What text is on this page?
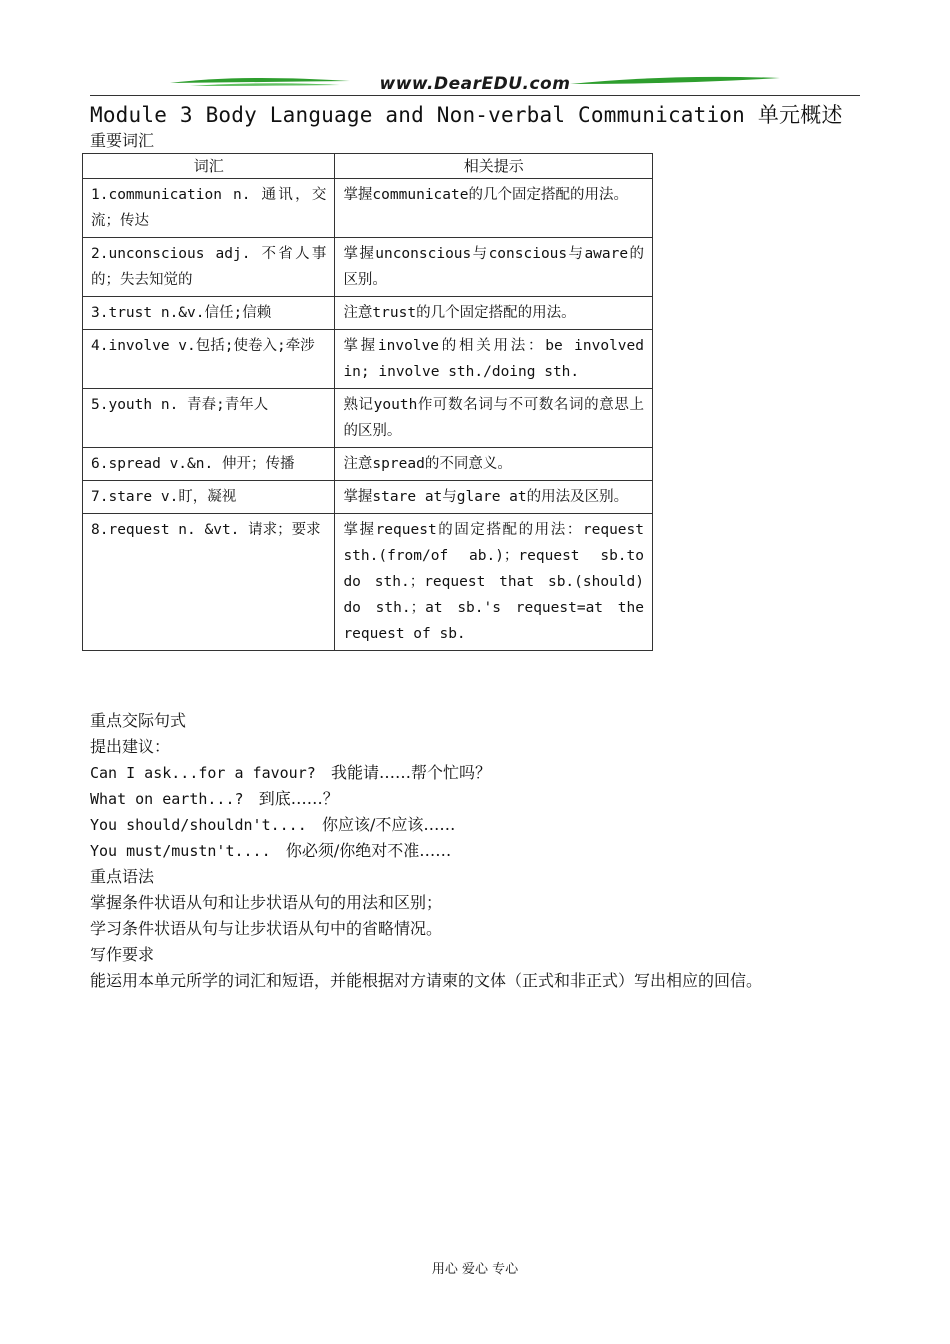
www.DearEDU.com
Module 3 Body Language and Non-verbal Communication 单元概述
重要词汇
词汇	相关提示

1.communication n. 通讯，交流；传达	掌握communicate的几个固定搭配的用法。

2.unconscious adj. 不省人事的；失去知觉的	掌握unconscious与conscious与aware的区别。

3.trust n.&v.信任;信赖	注意trust的几个固定搭配的用法。

4.involve v.包括;使卷入;牵涉	掌握involve的相关用法：be involved in; involve sth./doing sth.

5.youth n. 青春;青年人	熟记youth作可数名词与不可数名词的意思上的区别。

6.spread v.&n. 伸开；传播	注意spread的不同意义。

7.stare v.盯，凝视	掌握stare at与glare at的用法及区别。

8.request n. &vt. 请求；要求	掌握request的固定搭配的用法：request sth.(from/of ab.)；request sb.to do sth.；request that sb.(should) do sth.；at sb.'s request=at the request of sb.
重点交际句式
提出建议：
Can I ask...for a favour? 我能请……帮个忙吗？
What on earth...? 到底……？
You should/shouldn't.... 你应该/不应该……
You must/mustn't.... 你必须/你绝对不准……
重点语法
掌握条件状语从句和让步状语从句的用法和区别；
学习条件状语从句与让步状语从句中的省略情况。
写作要求
能运用本单元所学的词汇和短语，并能根据对方请柬的文体（正式和非正式）写出相应的回信。
用心 爱心 专心
